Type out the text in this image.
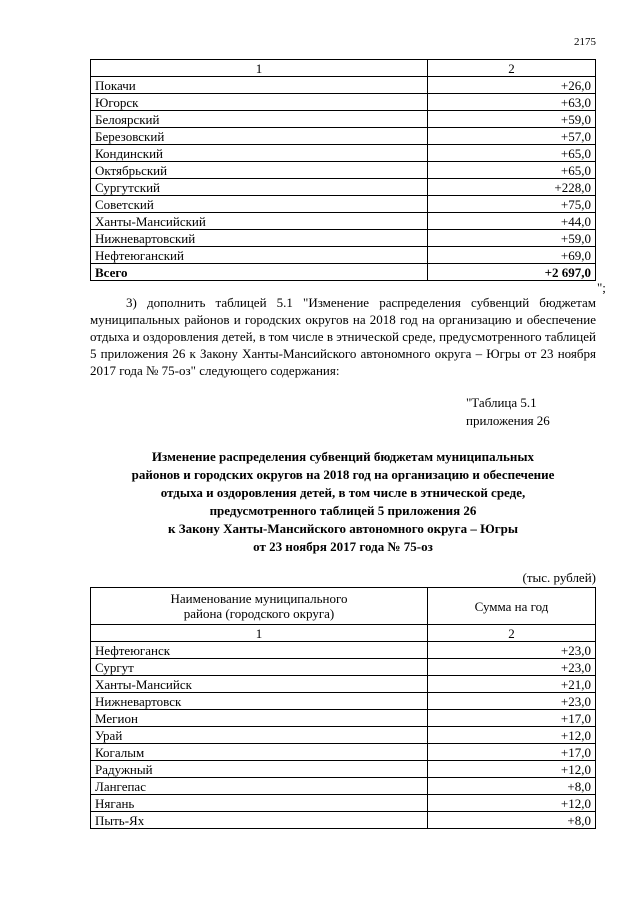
2175
1	2
Покачи	+26,0
Югорск	+63,0
Белоярский	+59,0
Березовский	+57,0
Кондинский	+65,0
Октябрьский	+65,0
Сургутский	+228,0
Советский	+75,0
Ханты-Мансийский	+44,0
Нижневартовский	+59,0
Нефтеюганский	+69,0
Всего	+2 697,0
";
3) дополнить таблицей 5.1 "Изменение распределения субвенций бюджетам муниципальных районов и городских округов на 2018 год на организацию и обеспечение отдыха и оздоровления детей, в том числе в этнической среде, предусмотренного таблицей 5 приложения 26 к Закону Ханты-Мансийского автономного округа – Югры от 23 ноября 2017 года № 75-оз" следующего содержания:
"Таблица 5.1
приложения 26
Изменение распределения субвенций бюджетам муниципальных
районов и городских округов на 2018 год на организацию и обеспечение
отдыха и оздоровления детей, в том числе в этнической среде,
предусмотренного таблицей 5 приложения 26
к Закону Ханты-Мансийского автономного округа – Югры
от 23 ноября 2017 года № 75-оз
(тыс. рублей)
Наименование муниципального района (городского округа)	Сумма на год
1	2
Нефтеюганск	+23,0
Сургут	+23,0
Ханты-Мансийск	+21,0
Нижневартовск	+23,0
Мегион	+17,0
Урай	+12,0
Когалым	+17,0
Радужный	+12,0
Лангепас	+8,0
Нягань	+12,0
Пыть-Ях	+8,0
